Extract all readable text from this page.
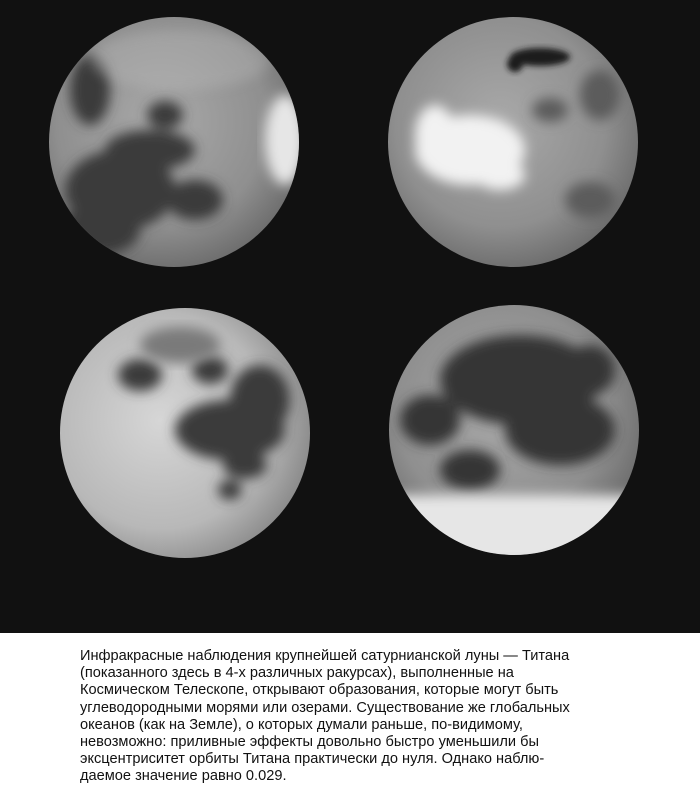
Инфракрасные наблюдения крупнейшей сатурнианской луны — Титана
(показанного здесь в 4-х различных ракурсах), выполненные на
Космическом Телескопе, открывают образования, которые могут быть
углеводородными морями или озерами. Существование же глобальных
океанов (как на Земле), о которых думали раньше, по-видимому,
невозможно: приливные эффекты довольно быстро уменьшили бы
эксцентриситет орбиты Титана практически до нуля. Однако наблю-
даемое значение равно 0.029.
